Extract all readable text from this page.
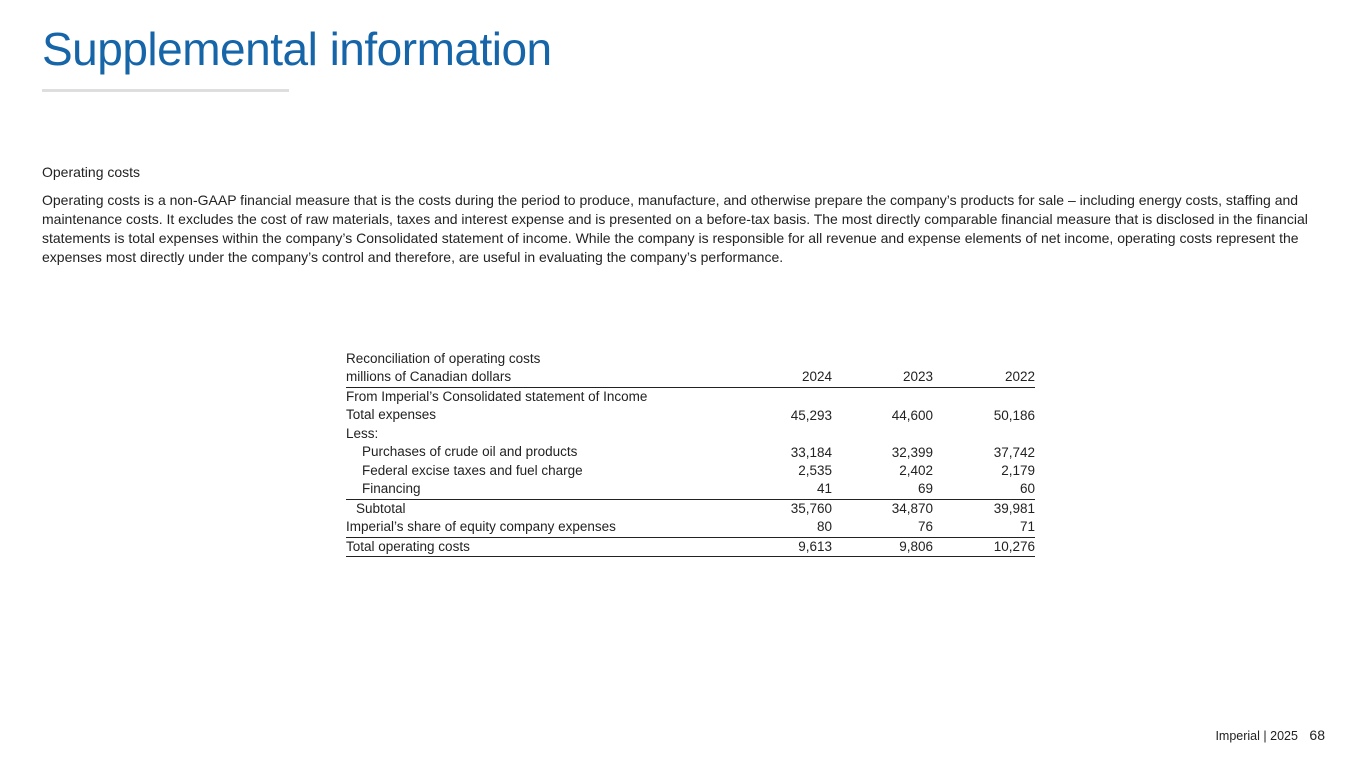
Supplemental information
Operating costs

Operating costs is a non-GAAP financial measure that is the costs during the period to produce, manufacture, and otherwise prepare the company’s products for sale – including energy costs, staffing and maintenance costs. It excludes the cost of raw materials, taxes and interest expense and is presented on a before-tax basis. The most directly comparable financial measure that is disclosed in the financial statements is total expenses within the company’s Consolidated statement of income. While the company is responsible for all revenue and expense elements of net income, operating costs represent the expenses most directly under the company’s control and therefore, are useful in evaluating the company’s performance.

Reconciliation of operating costs
millions of Canadian dollars	2024	2023	2022
From Imperial’s Consolidated statement of Income
Total expenses	45,293	44,600	50,186
Less:
Purchases of crude oil and products	33,184	32,399	37,742
Federal excise taxes and fuel charge	2,535	2,402	2,179
Financing	41	69	60
Subtotal	35,760	34,870	39,981
Imperial’s share of equity company expenses	80	76	71
Total operating costs	9,613	9,806	10,276
Imperial | 2025 68
